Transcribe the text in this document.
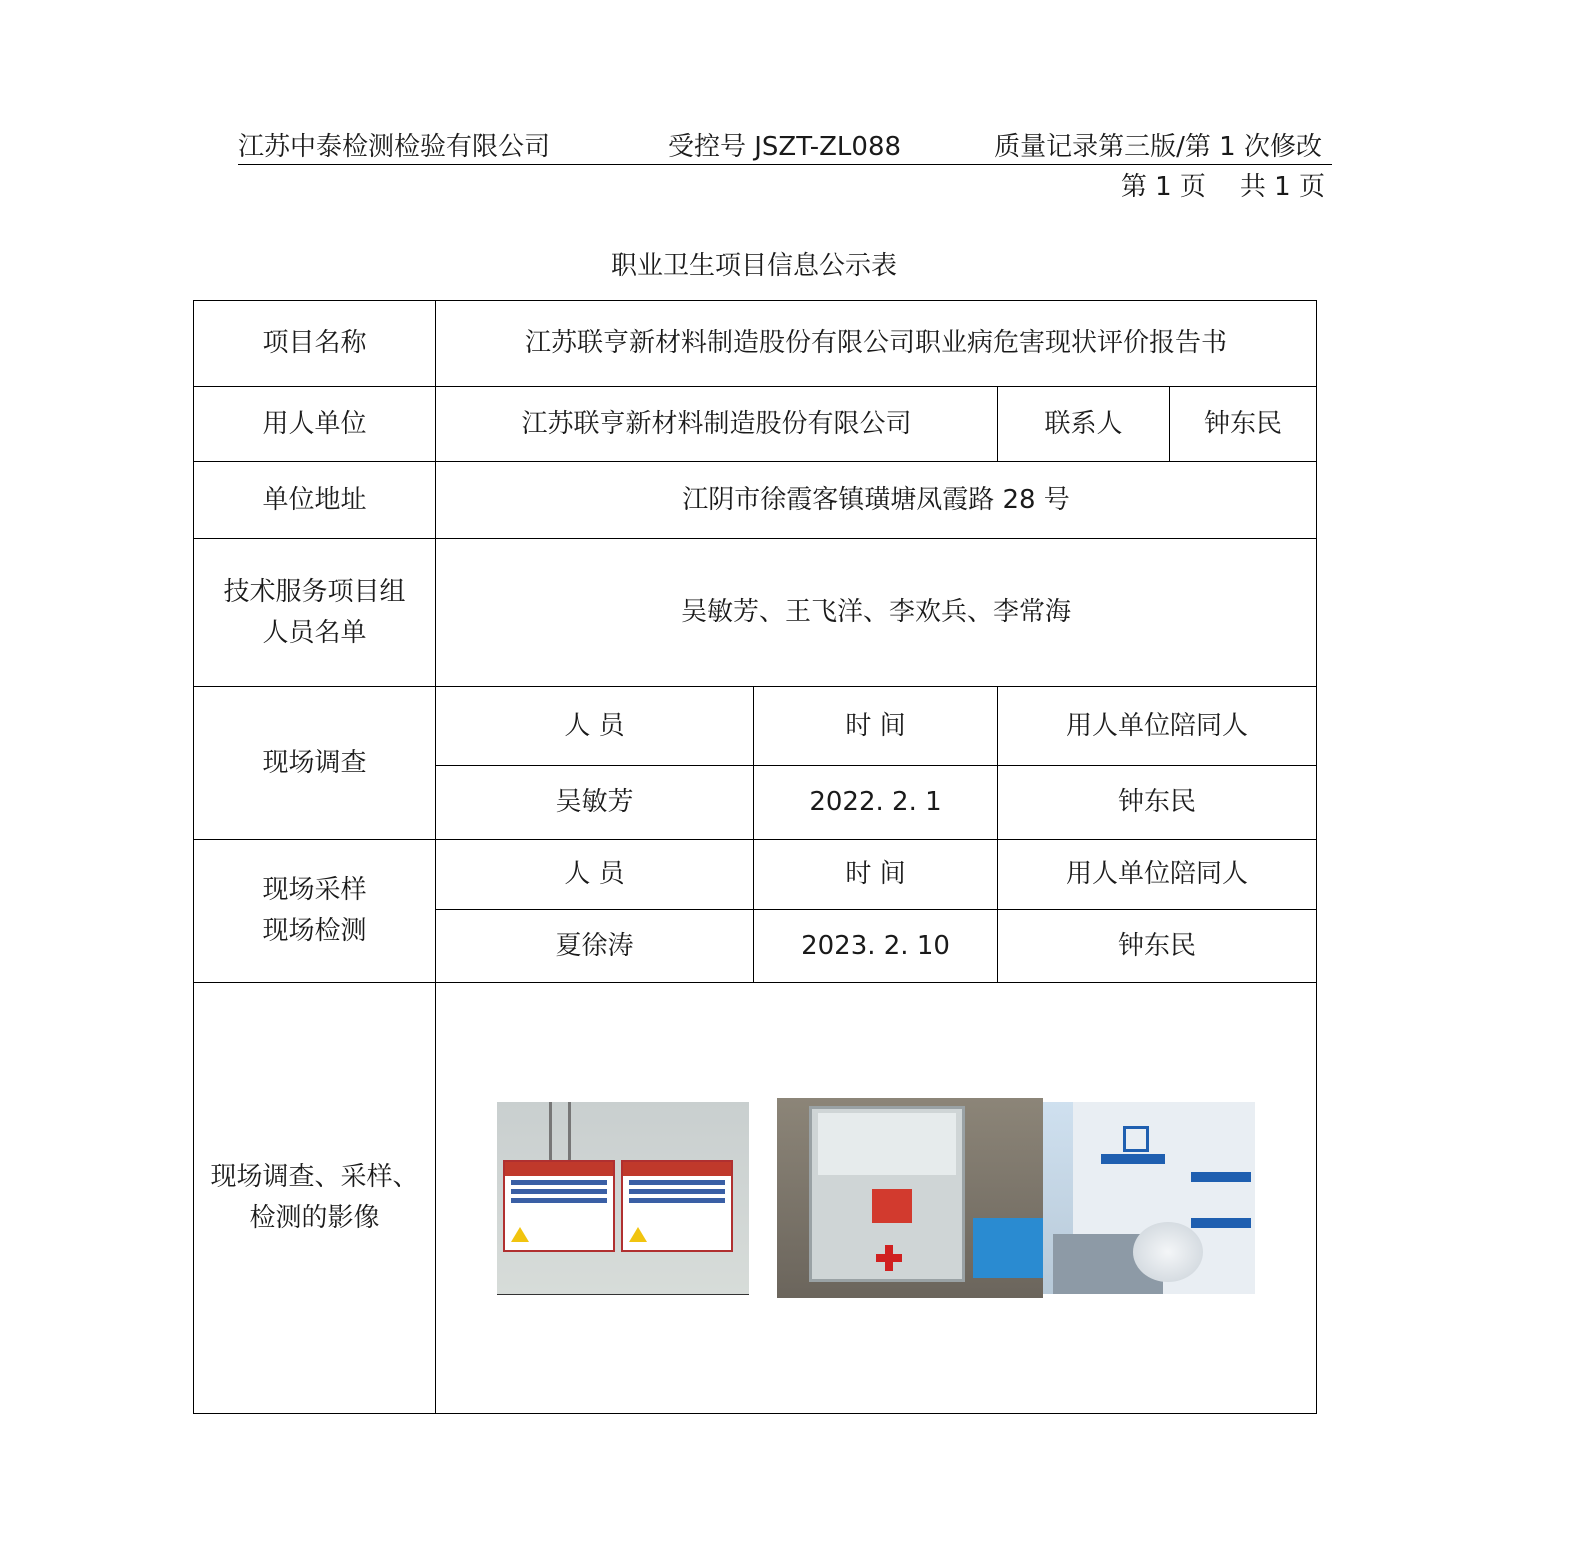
江苏中泰检测检验有限公司	受控号 JSZT-ZL088	质量记录第三版/第 1 次修改
第 1 页 共 1 页
职业卫生项目信息公示表
项目名称	江苏联亨新材料制造股份有限公司职业病危害现状评价报告书			
用人单位	江苏联亨新材料制造股份有限公司		联系人	钟东民
单位地址	江阴市徐霞客镇璜塘凤霞路 28 号			

技术服务项目组
人员名单	吴敏芳、王飞洋、李欢兵、李常海			
现场调查	人 员	时 间	用人单位陪同人	
	吴敏芳	2022. 2. 1	钟东民	

现场采样
现场检测	人 员	时 间	用人单位陪同人	
	夏徐涛	2023. 2. 10	钟东民	

现场调查、采样、
检测的影像				
